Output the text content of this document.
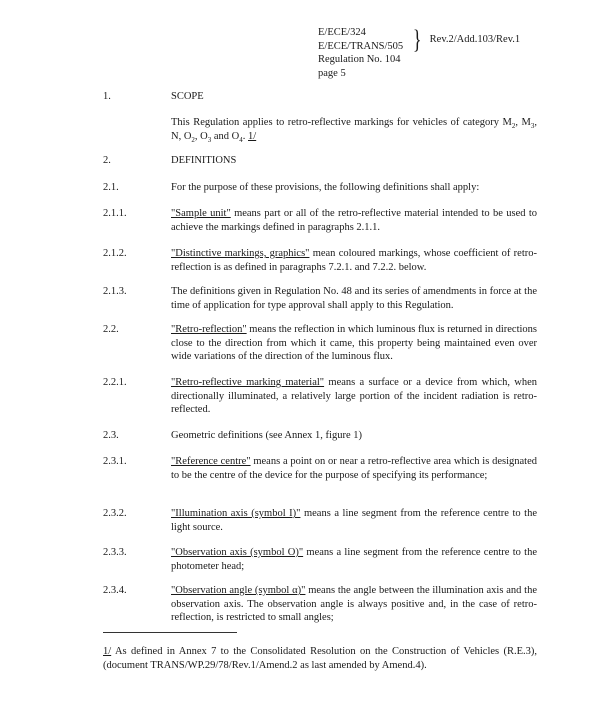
E/ECE/324
E/ECE/TRANS/505 } Rev.2/Add.103/Rev.1
Regulation No. 104
page 5
1.	SCOPE
This Regulation applies to retro-reflective markings for vehicles of category $M_2$, $M_3$, N, $O_2$, $O_3$ and $O_4$. 1/
2.	DEFINITIONS
2.1.	For the purpose of these provisions, the following definitions shall apply:
2.1.1.	"Sample unit" means part or all of the retro-reflective material intended to be used to achieve the markings defined in paragraphs 2.1.1.
2.1.2.	"Distinctive markings, graphics" mean coloured markings, whose coefficient of retro-reflection is as defined in paragraphs 7.2.1. and 7.2.2. below.
2.1.3.	The definitions given in Regulation No. 48 and its series of amendments in force at the time of application for type approval shall apply to this Regulation.
2.2.	"Retro-reflection" means the reflection in which luminous flux is returned in directions close to the direction from which it came, this property being maintained even over wide variations of the direction of the luminous flux.
2.2.1.	"Retro-reflective marking material" means a surface or a device from which, when directionally illuminated, a relatively large portion of the incident radiation is retro-reflected.
2.3.	Geometric definitions (see Annex 1, figure 1)
2.3.1.	"Reference centre" means a point on or near a retro-reflective area which is designated to be the centre of the device for the purpose of specifying its performance;
2.3.2.	"Illumination axis (symbol I)" means a line segment from the reference centre to the light source.
2.3.3.	"Observation axis (symbol O)" means a line segment from the reference centre to the photometer head;
2.3.4.	"Observation angle (symbol α)" means the angle between the illumination axis and the observation axis. The observation angle is always positive and, in the case of retro-reflection, is restricted to small angles;
1/ As defined in Annex 7 to the Consolidated Resolution on the Construction of Vehicles (R.E.3), (document TRANS/WP.29/78/Rev.1/Amend.2 as last amended by Amend.4).
